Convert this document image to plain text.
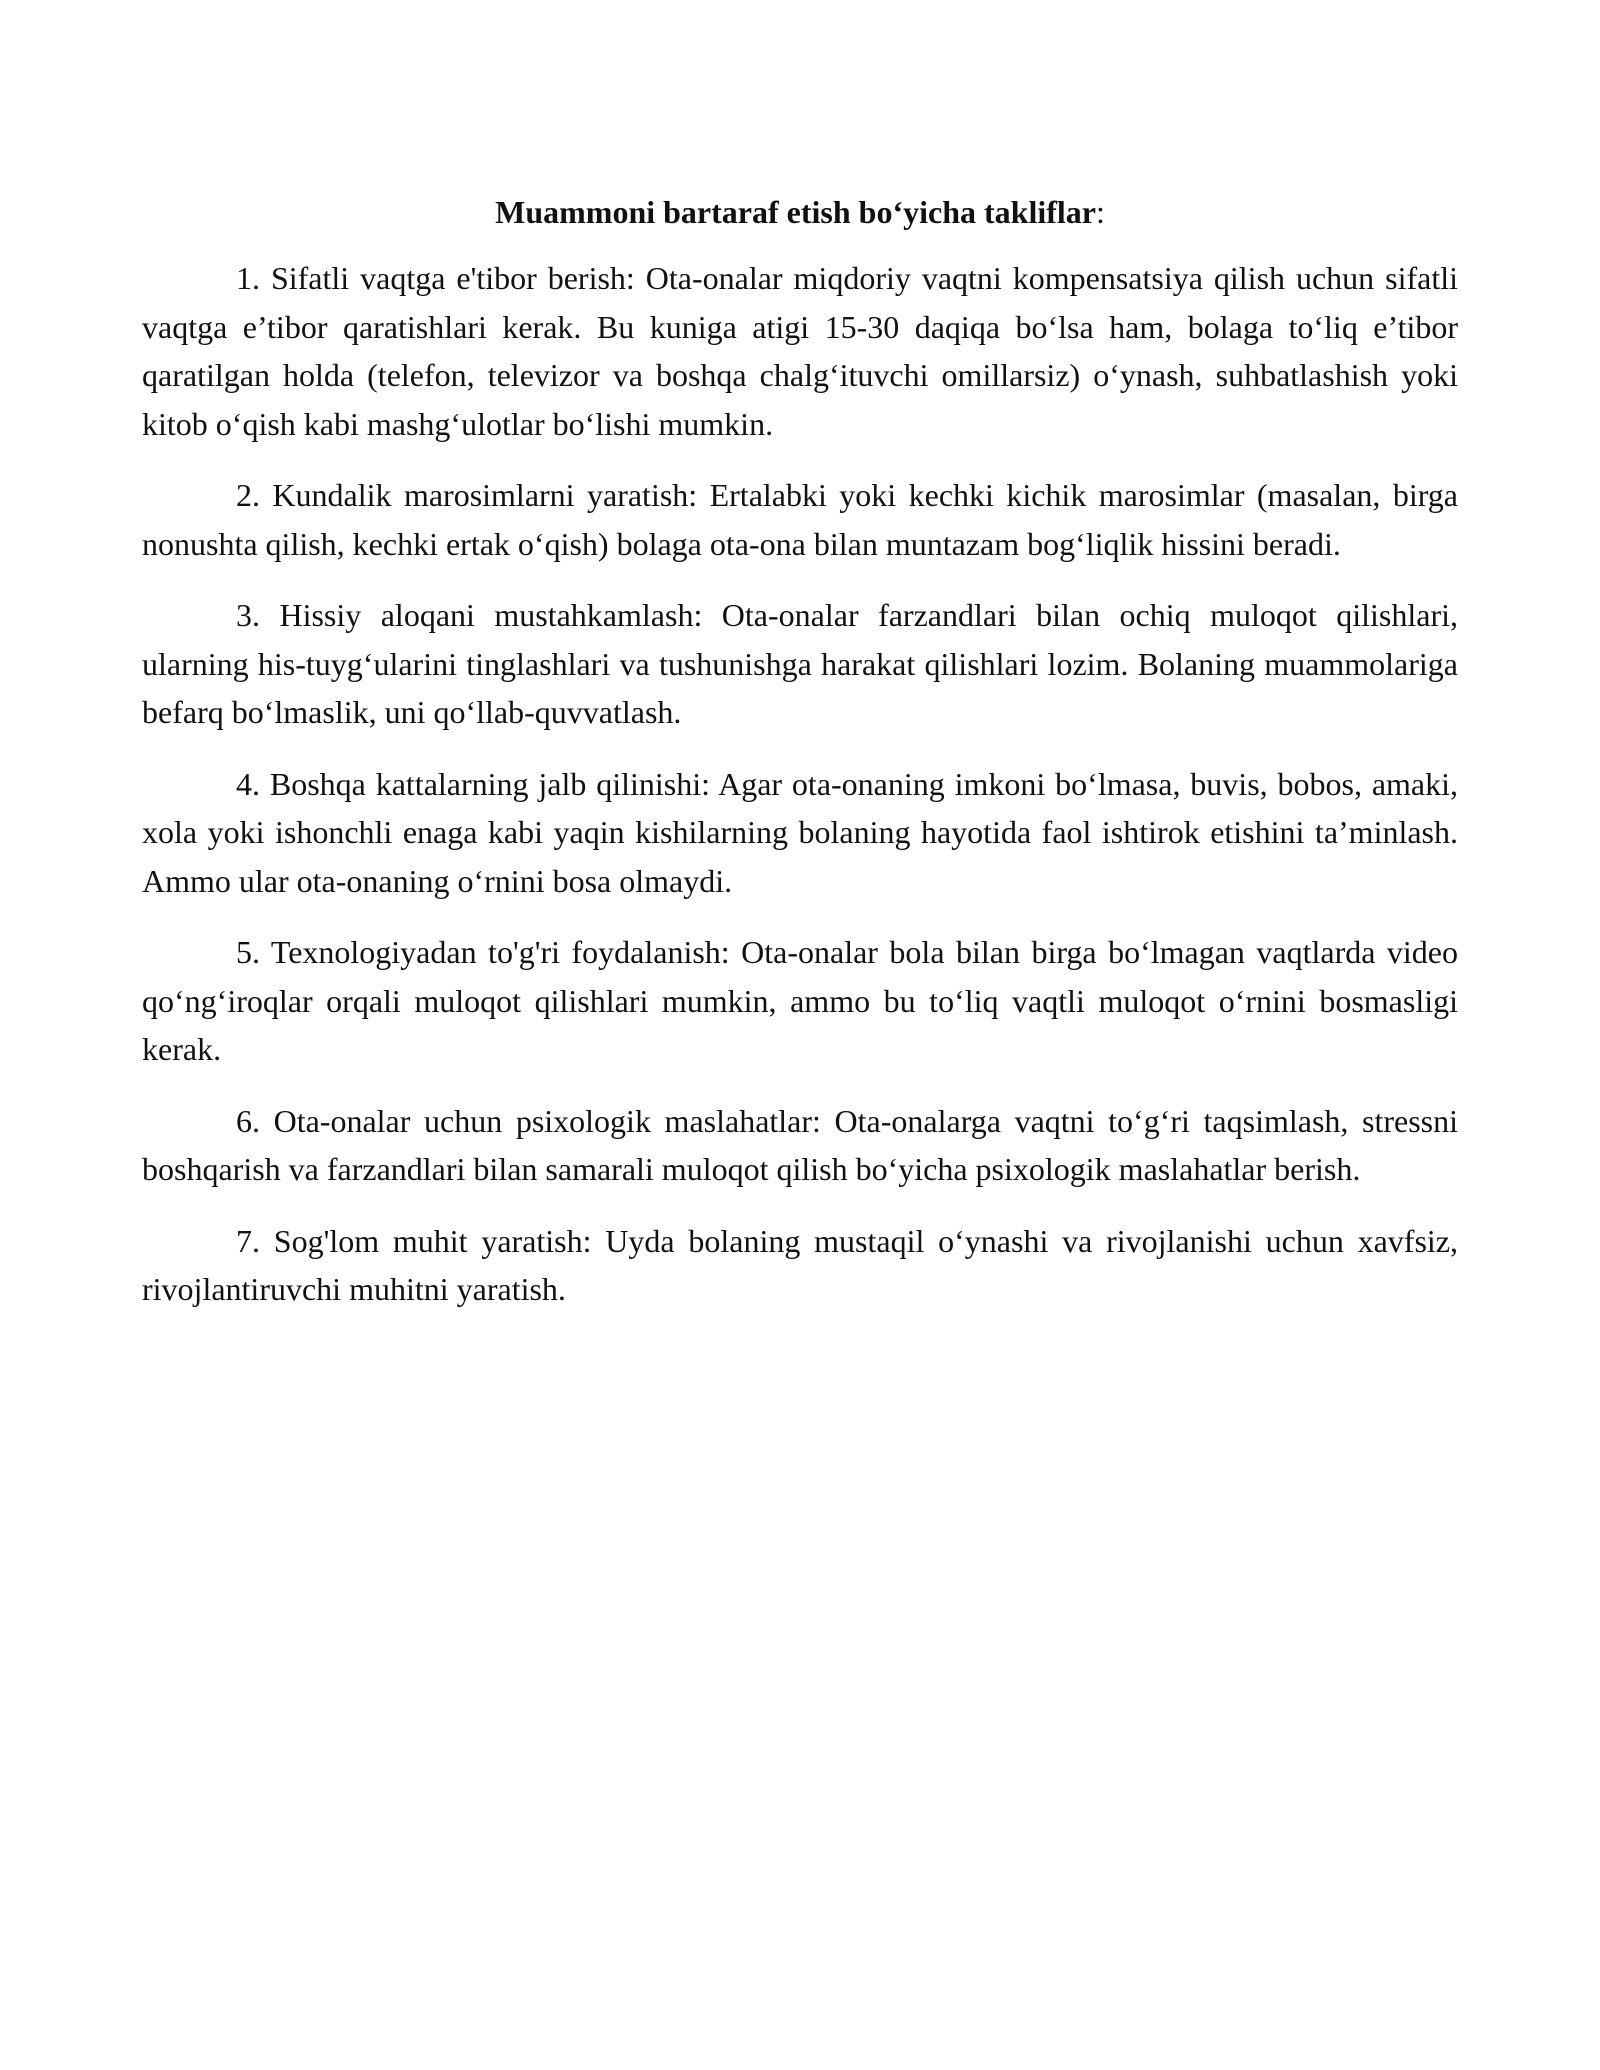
Muammoni bartaraf etish bo‘yicha takliflar:

1. Sifatli vaqtga e'tibor berish: Ota-onalar miqdoriy vaqtni kompensatsiya qilish uchun sifatli vaqtga e’tibor qaratishlari kerak. Bu kuniga atigi 15-30 daqiqa bo‘lsa ham, bolaga to‘liq e’tibor qaratilgan holda (telefon, televizor va boshqa chalg‘ituvchi omillarsiz) o‘ynash, suhbatlashish yoki kitob o‘qish kabi mashg‘ulotlar bo‘lishi mumkin.

2. Kundalik marosimlarni yaratish: Ertalabki yoki kechki kichik marosimlar (masalan, birga nonushta qilish, kechki ertak o‘qish) bolaga ota-ona bilan muntazam bog‘liqlik hissini beradi.

3. Hissiy aloqani mustahkamlash: Ota-onalar farzandlari bilan ochiq muloqot qilishlari, ularning his-tuyg‘ularini tinglashlari va tushunishga harakat qilishlari lozim. Bolaning muammolariga befarq bo‘lmaslik, uni qo‘llab-quvvatlash.

4. Boshqa kattalarning jalb qilinishi: Agar ota-onaning imkoni bo‘lmasa, buvis, bobos, amaki, xola yoki ishonchli enaga kabi yaqin kishilarning bolaning hayotida faol ishtirok etishini ta’minlash. Ammo ular ota-onaning o‘rnini bosa olmaydi.

5. Texnologiyadan to'g'ri foydalanish: Ota-onalar bola bilan birga bo‘lmagan vaqtlarda video qo‘ng‘iroqlar orqali muloqot qilishlari mumkin, ammo bu to‘liq vaqtli muloqot o‘rnini bosmasligi kerak.

6. Ota-onalar uchun psixologik maslahatlar: Ota-onalarga vaqtni to‘g‘ri taqsimlash, stressni boshqarish va farzandlari bilan samarali muloqot qilish bo‘yicha psixologik maslahatlar berish.

7. Sog'lom muhit yaratish: Uyda bolaning mustaqil o‘ynashi va rivojlanishi uchun xavfsiz, rivojlantiruvchi muhitni yaratish.
